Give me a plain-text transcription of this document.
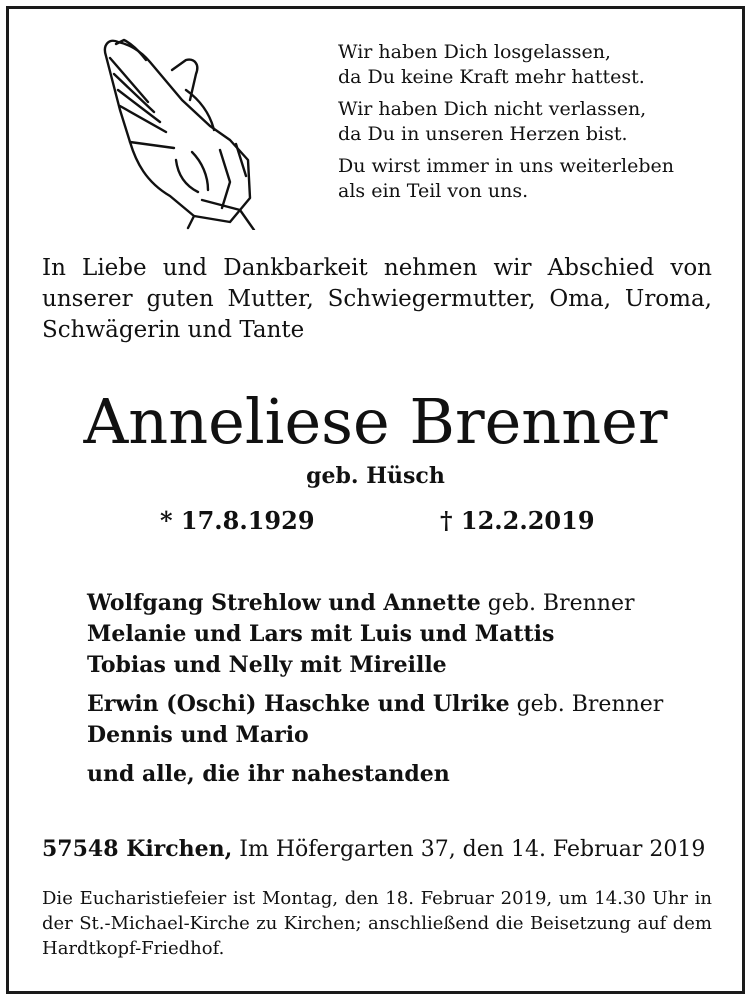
Wir haben Dich losgelassen,
da Du keine Kraft mehr hattest.
Wir haben Dich nicht verlassen,
da Du in unseren Herzen bist.
Du wirst immer in uns weiterleben
als ein Teil von uns.
In Liebe und Dankbarkeit nehmen wir Abschied von unserer guten Mutter, Schwiegermutter, Oma, Uroma, Schwägerin und Tante
Anneliese Brenner
geb. Hüsch
* 17.8.1929	† 12.2.2019
Wolfgang Strehlow und Annette geb. Brenner
Melanie und Lars mit Luis und Mattis
Tobias und Nelly mit Mireille
Erwin (Oschi) Haschke und Ulrike geb. Brenner
Dennis und Mario
und alle, die ihr nahestanden
57548 Kirchen, Im Höfergarten 37, den 14. Februar 2019
Die Eucharistiefeier ist Montag, den 18. Februar 2019, um 14.30 Uhr in der St.-Michael-Kirche zu Kirchen; anschließend die Beisetzung auf dem Hardtkopf-Friedhof.
